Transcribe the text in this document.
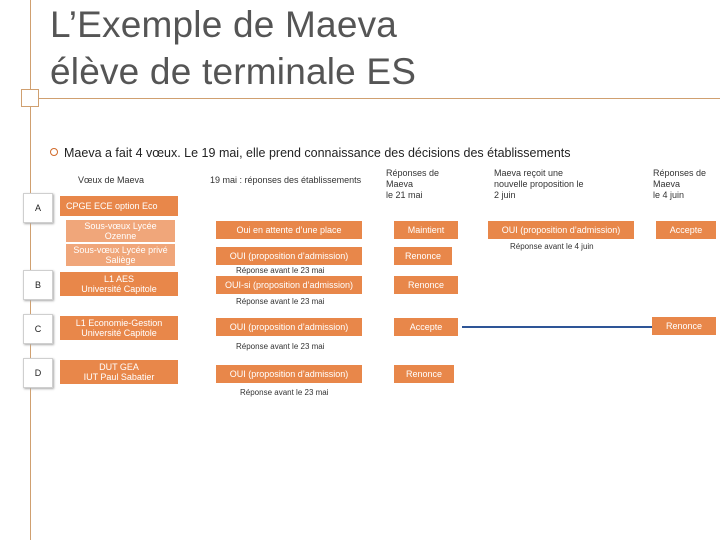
L’Exemple de Maeva
élève de terminale ES
Maeva a fait 4 vœux. Le 19 mai, elle prend connaissance des décisions des établissements
Vœux de Maeva	19 mai : réponses des établissements
Réponses de
Maeva
le 21 mai
Maeva reçoit une
nouvelle proposition le
2 juin
Réponses de
Maeva
le 4 juin
A
B
C
D
CPGE ECE option Eco
Sous-vœux Lycée
Ozenne
Sous-vœux Lycée privé
Saliège
L1 AES
Université Capitole
L1 Economie-Gestion
Université Capitole
DUT GEA
IUT Paul Sabatier
Oui en attente d’une place
OUI (proposition d’admission)
Réponse avant le 23 mai
OUI-si (proposition d’admission)
Réponse avant le 23 mai
OUI (proposition d’admission)
Réponse avant le 23 mai
OUI (proposition d’admission)
Réponse avant le 23 mai
Maintient
Renonce
Renonce
Accepte
Renonce
OUI (proposition d’admission)
Réponse avant le 4 juin
Accepte
Renonce
